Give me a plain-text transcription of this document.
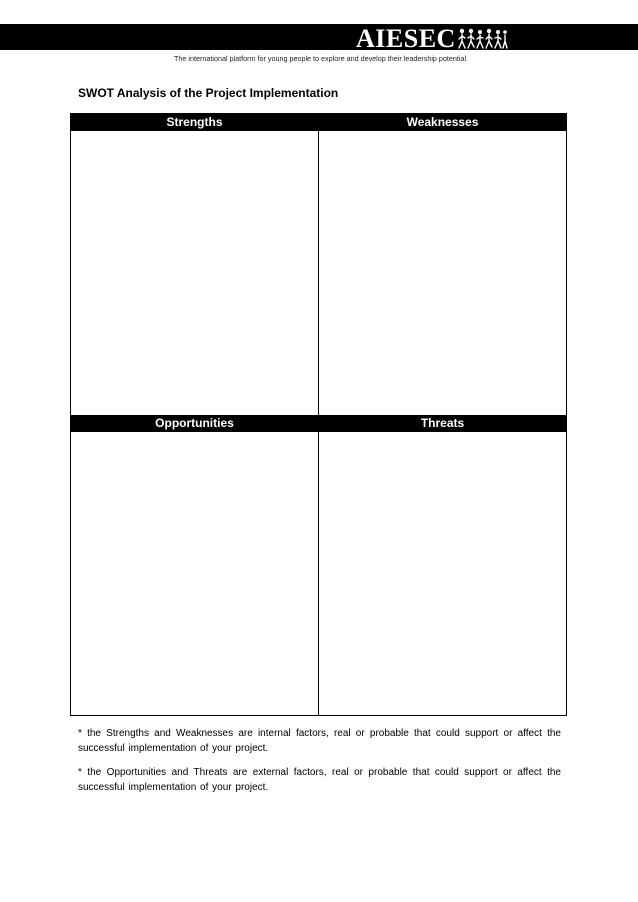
AIESEC
The international platform for young people to explore and develop their leadership potential
SWOT Analysis of the Project Implementation
Strengths	Weaknesses
Opportunities	Threats

* the Strengths and Weaknesses are internal factors, real or probable that could support or affect the successful implementation of your project.

* the Opportunities and Threats are external factors, real or probable that could support or affect the successful implementation of your project.
